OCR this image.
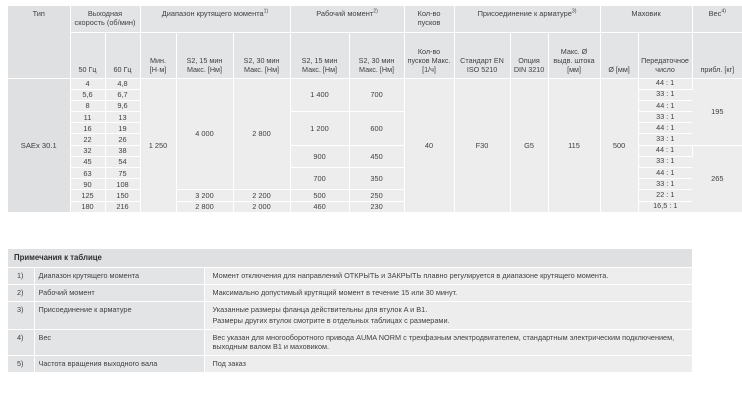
Тип	Выходная скорость (об/мин)		Диапазон крутящего момента$^{1)}$			Рабочий момент$^{2)}$		Кол-во пусков	Присоединение к арматуре$^{3)}$			Маховик		Вес$^{4)}$
	50 Гц	60 Гц	Мин. [Н·м]	S2, 15 мин Макс. [Нм]	S2, 30 мин Макс. [Нм]	S2, 15 мин Макс. [Нм]	S2, 30 мин Макс. [Нм]	Кол-во пусков Макс. [1/ч]	Стандарт EN ISO 5210	Опция DIN 3210	Макс. Ø выдв. штока [мм]	Ø [мм]	Передаточное число	прибл. [кг]
SAEx 30.1	4	4,8	1 250	4 000	2 800	1 400	700	40	F30	G5	115	500	44 : 1	195
	5,6	6,7											33 : 1	
	8	9,6											44 : 1	
	11	13				1 200	600						33 : 1	
	16	19											44 : 1	
	22	26											33 : 1	
	32	38				900	450						44 : 1	265
	45	54											33 : 1	
	63	75				700	350						44 : 1	
	90	108											33 : 1	
	125	150		3 200	2 200	500	250						22 : 1	
	180	216		2 800	2 000	460	230						16,5 : 1	
Примечания к таблице		
1)	Диапазон крутящего момента	Момент отключения для направлений ОТКРЫТЬ и ЗАКРЫТЬ плавно регулируется в диапазоне крутящего момента.

2)	Рабочий момент	Максимально допустимый крутящий момент в течение 15 или 30 минут.

3)	Присоединение к арматуре	Указанные размеры фланца действительны для втулок A и B1.
Размеры других втулок смотрите в отдельных таблицах с размерами.

4)	Вес	Вес указан для многооборотного привода AUMA NORM с трехфазным электродвигателем, стандартным электрическим подключением, выходным валом B1 и маховиком.

5)	Частота вращения выходного вала	Под заказ
